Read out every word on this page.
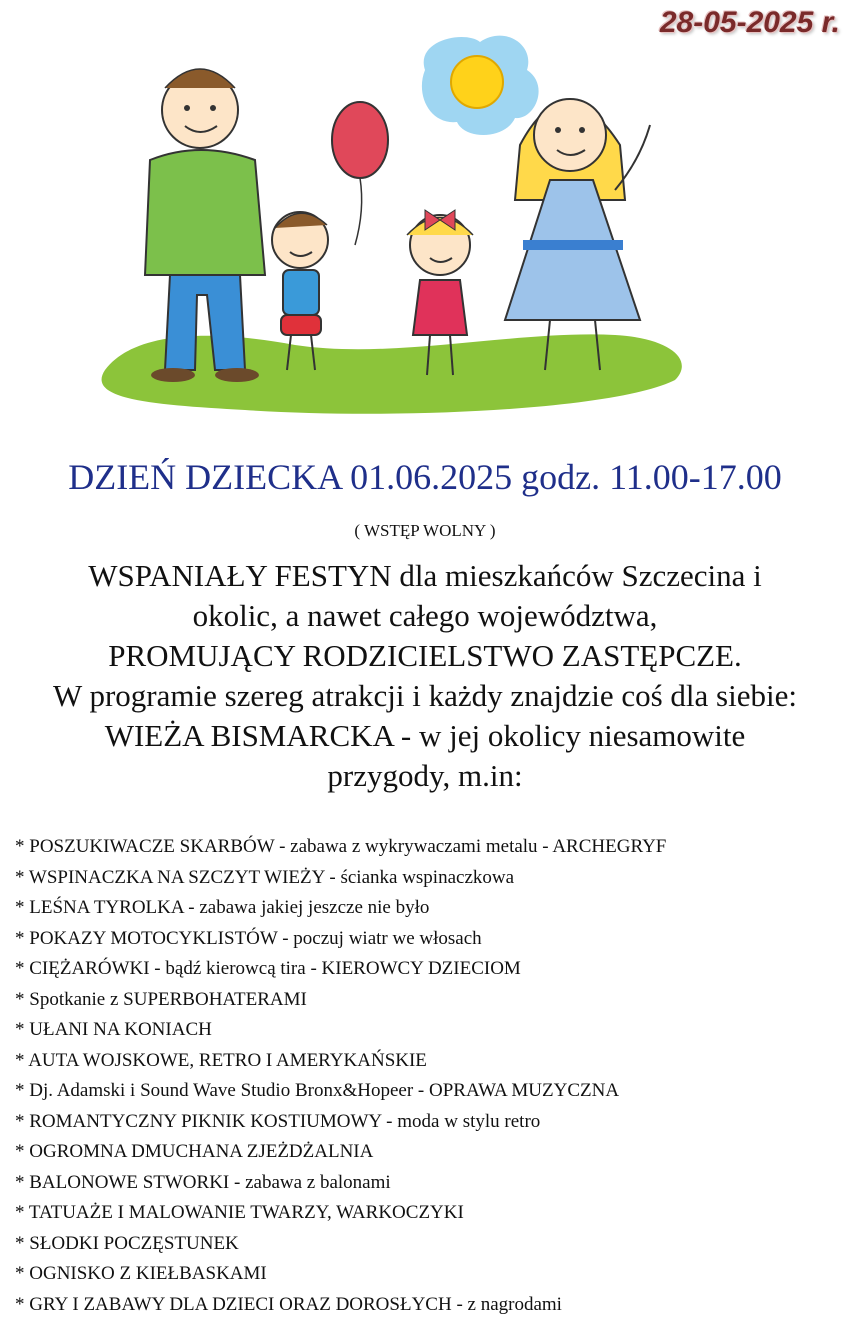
28-05-2025 r.
DZIEŃ DZIECKA 01.06.2025 godz. 11.00-17.00
( WSTĘP WOLNY )
WSPANIAŁY FESTYN dla mieszkańców Szczecina i
okolic, a nawet całego województwa,
PROMUJĄCY RODZICIELSTWO ZASTĘPCZE.
W programie szereg atrakcji i każdy znajdzie coś dla siebie:
WIEŻA BISMARCKA - w jej okolicy niesamowite
przygody, m.in:
* POSZUKIWACZE SKARBÓW - zabawa z wykrywaczami metalu - ARCHEGRYF
* WSPINACZKA NA SZCZYT WIEŻY - ścianka wspinaczkowa
* LEŚNA TYROLKA - zabawa jakiej jeszcze nie było
* POKAZY MOTOCYKLISTÓW - poczuj wiatr we włosach
* CIĘŻARÓWKI - bądź kierowcą tira - KIEROWCY DZIECIOM
* Spotkanie z SUPERBOHATERAMI
* UŁANI NA KONIACH
* AUTA WOJSKOWE, RETRO I AMERYKAŃSKIE
* Dj. Adamski i Sound Wave Studio Bronx&Hopeer - OPRAWA MUZYCZNA
* ROMANTYCZNY PIKNIK KOSTIUMOWY - moda w stylu retro
* OGROMNA DMUCHANA ZJEŻDŻALNIA
* BALONOWE STWORKI - zabawa z balonami
* TATUAŻE I MALOWANIE TWARZY, WARKOCZYKI
* SŁODKI POCZĘSTUNEK
* OGNISKO Z KIEŁBASKAMI
* GRY I ZABAWY DLA DZIECI ORAZ DOROSŁYCH - z nagrodami
